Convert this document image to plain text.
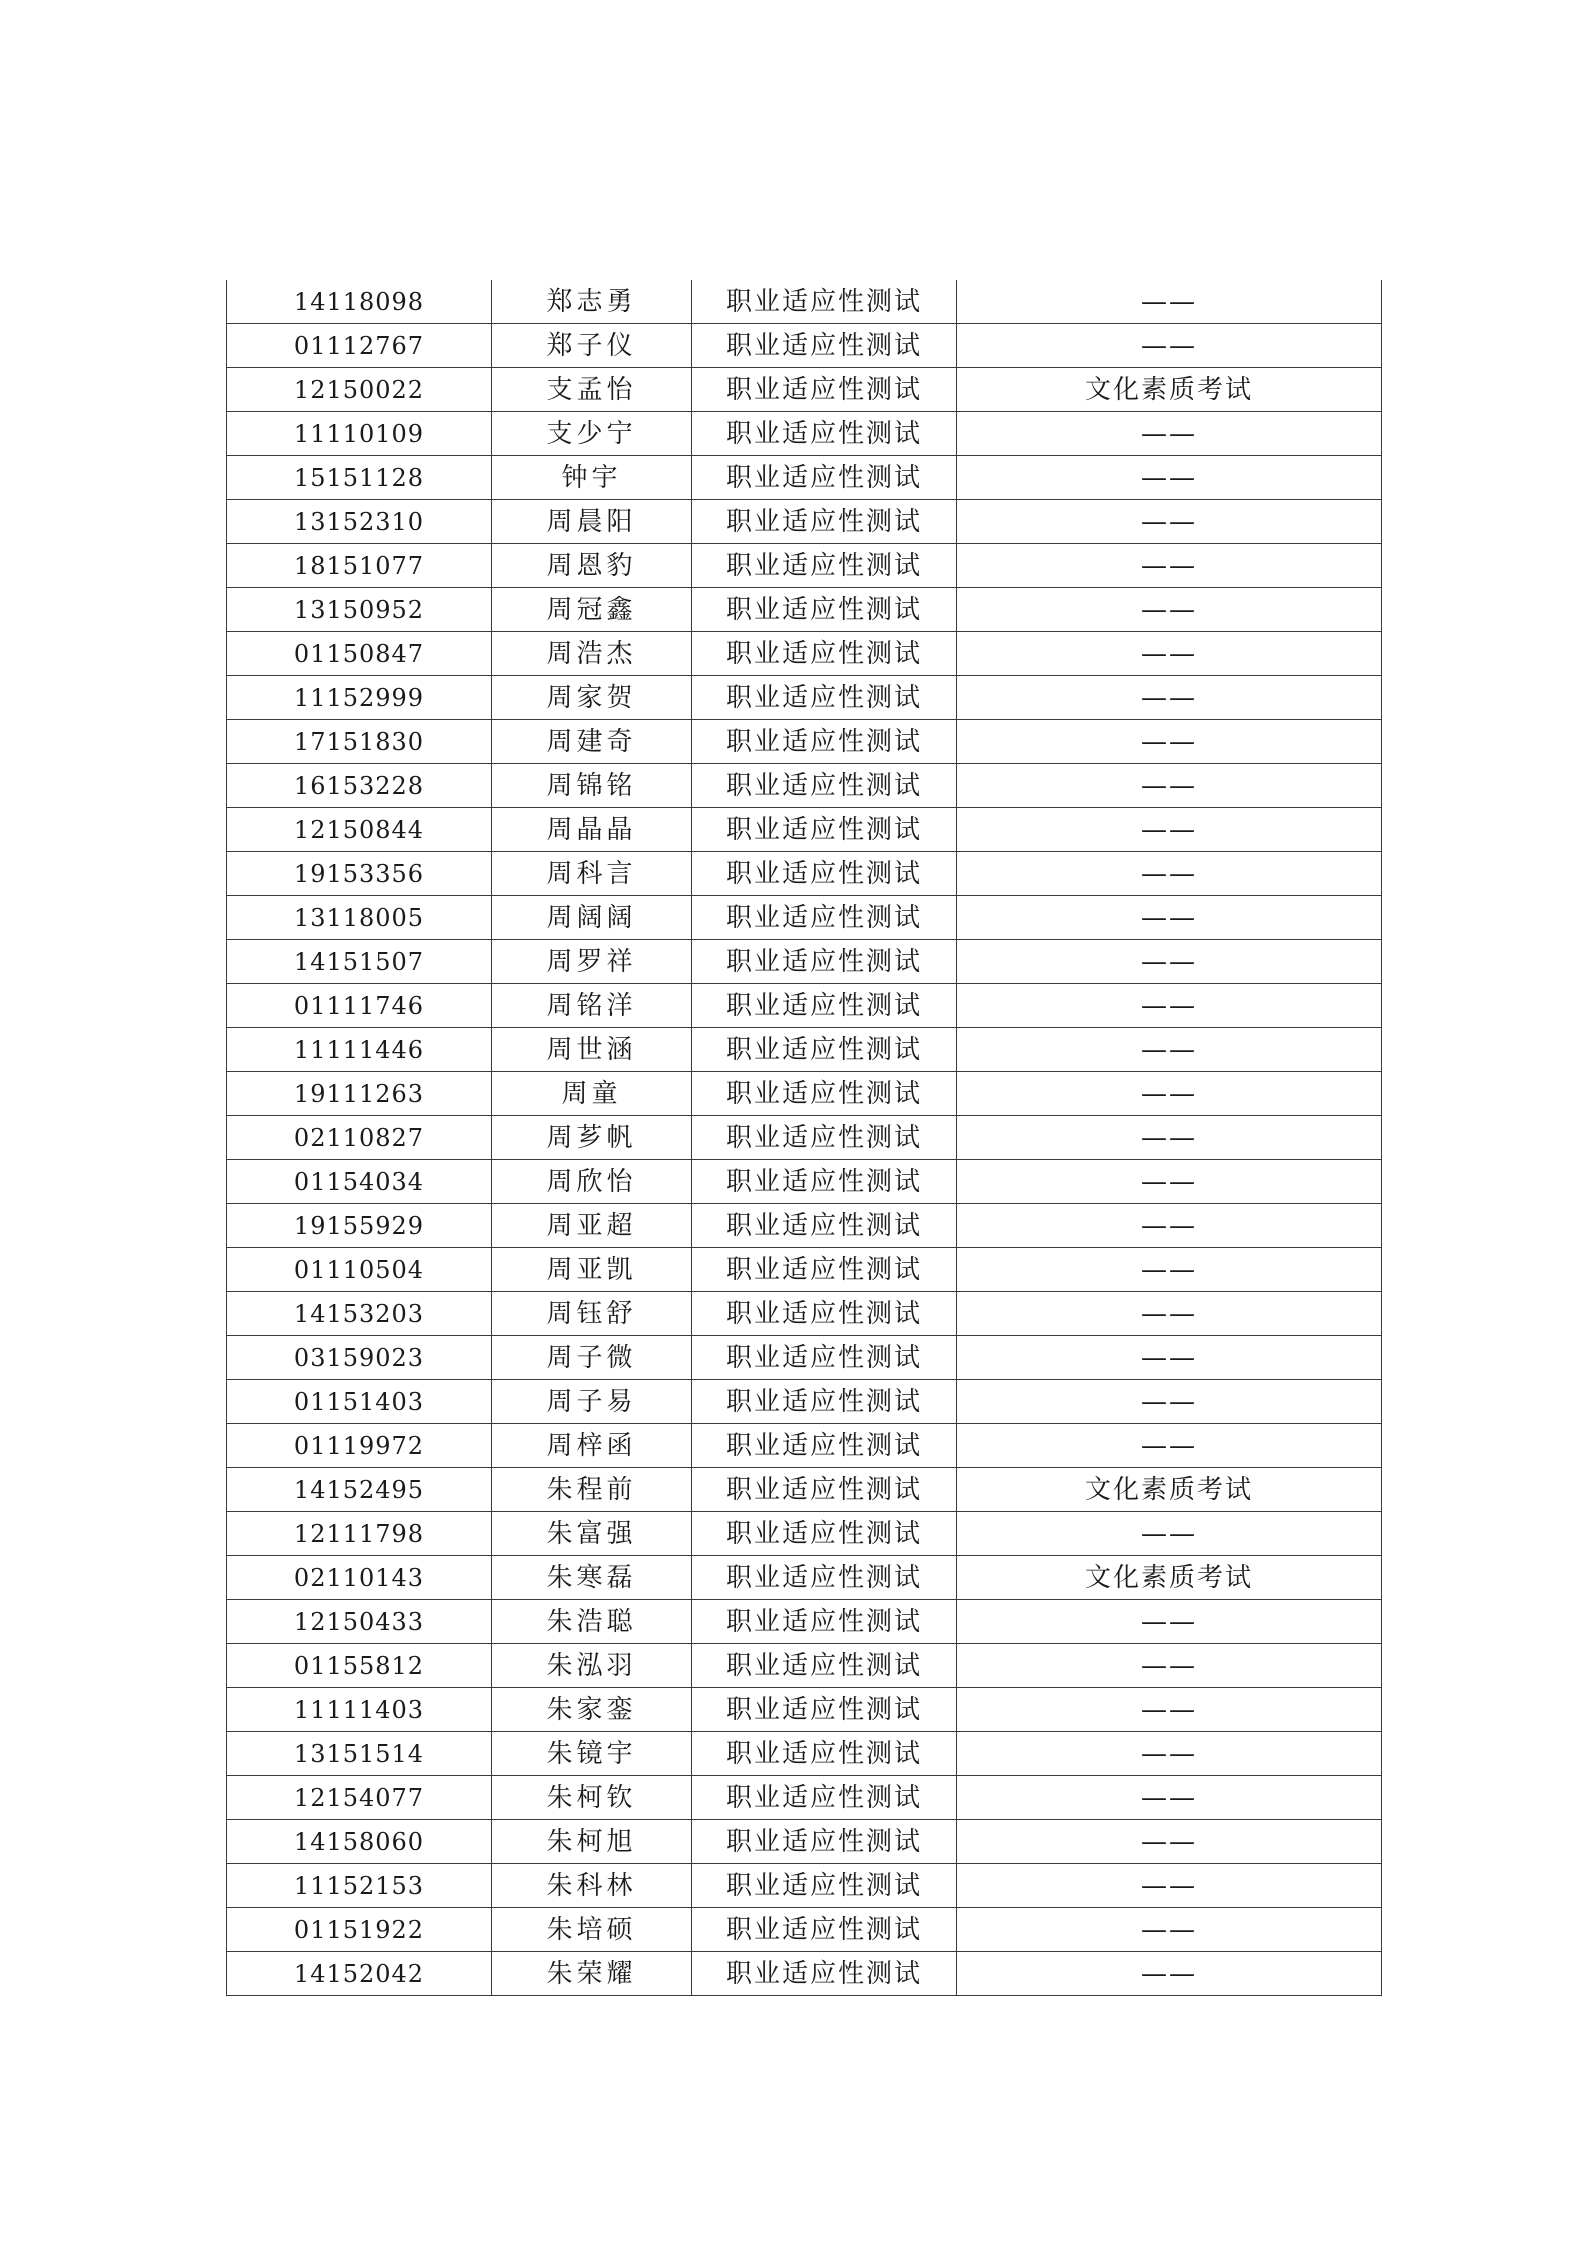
14118098	郑志勇	职业适应性测试	——
01112767	郑子仪	职业适应性测试	——
12150022	支孟怡	职业适应性测试	文化素质考试
11110109	支少宁	职业适应性测试	——
15151128	钟宇	职业适应性测试	——
13152310	周晨阳	职业适应性测试	——
18151077	周恩豹	职业适应性测试	——
13150952	周冠鑫	职业适应性测试	——
01150847	周浩杰	职业适应性测试	——
11152999	周家贺	职业适应性测试	——
17151830	周建奇	职业适应性测试	——
16153228	周锦铭	职业适应性测试	——
12150844	周晶晶	职业适应性测试	——
19153356	周科言	职业适应性测试	——
13118005	周阔阔	职业适应性测试	——
14151507	周罗祥	职业适应性测试	——
01111746	周铭洋	职业适应性测试	——
11111446	周世涵	职业适应性测试	——
19111263	周童	职业适应性测试	——
02110827	周芗帆	职业适应性测试	——
01154034	周欣怡	职业适应性测试	——
19155929	周亚超	职业适应性测试	——
01110504	周亚凯	职业适应性测试	——
14153203	周钰舒	职业适应性测试	——
03159023	周子微	职业适应性测试	——
01151403	周子易	职业适应性测试	——
01119972	周梓函	职业适应性测试	——
14152495	朱程前	职业适应性测试	文化素质考试
12111798	朱富强	职业适应性测试	——
02110143	朱寒磊	职业适应性测试	文化素质考试
12150433	朱浩聪	职业适应性测试	——
01155812	朱泓羽	职业适应性测试	——
11111403	朱家銮	职业适应性测试	——
13151514	朱镜宇	职业适应性测试	——
12154077	朱柯钦	职业适应性测试	——
14158060	朱柯旭	职业适应性测试	——
11152153	朱科林	职业适应性测试	——
01151922	朱培硕	职业适应性测试	——
14152042	朱荣耀	职业适应性测试	——
